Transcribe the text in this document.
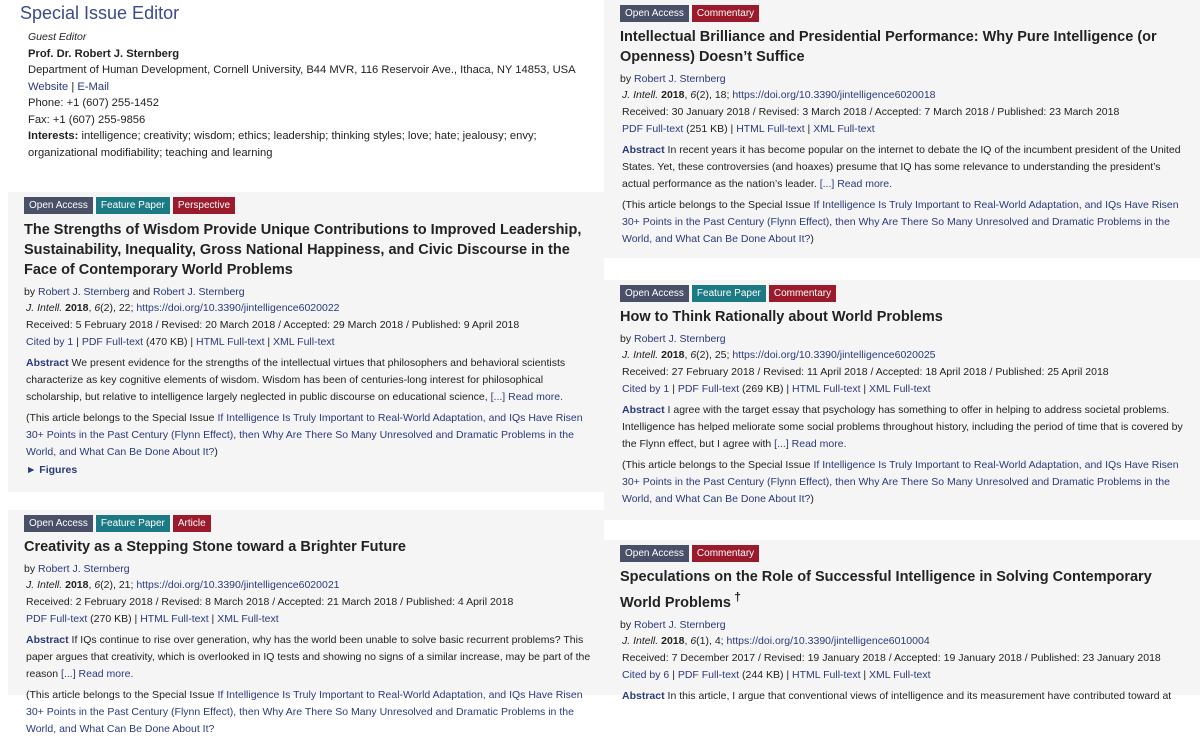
Special Issue Editor
Guest Editor
Prof. Dr. Robert J. Sternberg
Department of Human Development, Cornell University, B44 MVR, 116 Reservoir Ave., Ithaca, NY 14853, USA
Website | E-Mail
Phone: +1 (607) 255-1452
Fax: +1 (607) 255-9856
Interests: intelligence; creativity; wisdom; ethics; leadership; thinking styles; love; hate; jealousy; envy; organizational modifiability; teaching and learning
Open Access	Feature Paper	Perspective
The Strengths of Wisdom Provide Unique Contributions to Improved Leadership, Sustainability, Inequality, Gross National Happiness, and Civic Discourse in the Face of Contemporary World Problems
by Robert J. Sternberg and Robert J. Sternberg
J. Intell. 2018, 6(2), 22; https://doi.org/10.3390/jintelligence6020022
Received: 5 February 2018 / Revised: 20 March 2018 / Accepted: 29 March 2018 / Published: 9 April 2018
Cited by 1 | PDF Full-text (470 KB) | HTML Full-text | XML Full-text
Abstract We present evidence for the strengths of the intellectual virtues that philosophers and behavioral scientists characterize as key cognitive elements of wisdom. Wisdom has been of centuries-long interest for philosophical scholarship, but relative to intelligence largely neglected in public discourse on educational science, [...] Read more.
(This article belongs to the Special Issue If Intelligence Is Truly Important to Real-World Adaptation, and IQs Have Risen 30+ Points in the Past Century (Flynn Effect), then Why Are There So Many Unresolved and Dramatic Problems in the World, and What Can Be Done About It?)
► Figures
Open Access	Feature Paper	Article
Creativity as a Stepping Stone toward a Brighter Future
by Robert J. Sternberg
J. Intell. 2018, 6(2), 21; https://doi.org/10.3390/jintelligence6020021
Received: 2 February 2018 / Revised: 8 March 2018 / Accepted: 21 March 2018 / Published: 4 April 2018
PDF Full-text (270 KB) | HTML Full-text | XML Full-text
Abstract If IQs continue to rise over generation, why has the world been unable to solve basic recurrent problems? This paper argues that creativity, which is overlooked in IQ tests and showing no signs of a similar increase, may be part of the reason [...] Read more.
(This article belongs to the Special Issue If Intelligence Is Truly Important to Real-World Adaptation, and IQs Have Risen 30+ Points in the Past Century (Flynn Effect), then Why Are There So Many Unresolved and Dramatic Problems in the World, and What Can Be Done About It?
Open Access	Commentary
Intellectual Brilliance and Presidential Performance: Why Pure Intelligence (or Openness) Doesn’t Suffice
by Robert J. Sternberg
J. Intell. 2018, 6(2), 18; https://doi.org/10.3390/jintelligence6020018
Received: 30 January 2018 / Revised: 3 March 2018 / Accepted: 7 March 2018 / Published: 23 March 2018
PDF Full-text (251 KB) | HTML Full-text | XML Full-text
Abstract In recent years it has become popular on the internet to debate the IQ of the incumbent president of the United States. Yet, these controversies (and hoaxes) presume that IQ has some relevance to understanding the president’s actual performance as the nation’s leader. [...] Read more.
(This article belongs to the Special Issue If Intelligence Is Truly Important to Real-World Adaptation, and IQs Have Risen 30+ Points in the Past Century (Flynn Effect), then Why Are There So Many Unresolved and Dramatic Problems in the World, and What Can Be Done About It?)
Open Access	Feature Paper	Commentary
How to Think Rationally about World Problems
by Robert J. Sternberg
J. Intell. 2018, 6(2), 25; https://doi.org/10.3390/jintelligence6020025
Received: 27 February 2018 / Revised: 11 April 2018 / Accepted: 18 April 2018 / Published: 25 April 2018
Cited by 1 | PDF Full-text (269 KB) | HTML Full-text | XML Full-text
Abstract I agree with the target essay that psychology has something to offer in helping to address societal problems. Intelligence has helped meliorate some social problems throughout history, including the period of time that is covered by the Flynn effect, but I agree with [...] Read more.
(This article belongs to the Special Issue If Intelligence Is Truly Important to Real-World Adaptation, and IQs Have Risen 30+ Points in the Past Century (Flynn Effect), then Why Are There So Many Unresolved and Dramatic Problems in the World, and What Can Be Done About It?)
Open Access	Commentary
Speculations on the Role of Successful Intelligence in Solving Contemporary World Problems †
by Robert J. Sternberg
J. Intell. 2018, 6(1), 4; https://doi.org/10.3390/jintelligence6010004
Received: 7 December 2017 / Revised: 19 January 2018 / Accepted: 19 January 2018 / Published: 23 January 2018
Cited by 6 | PDF Full-text (244 KB) | HTML Full-text | XML Full-text
Abstract In this article, I argue that conventional views of intelligence and its measurement have contributed toward at
